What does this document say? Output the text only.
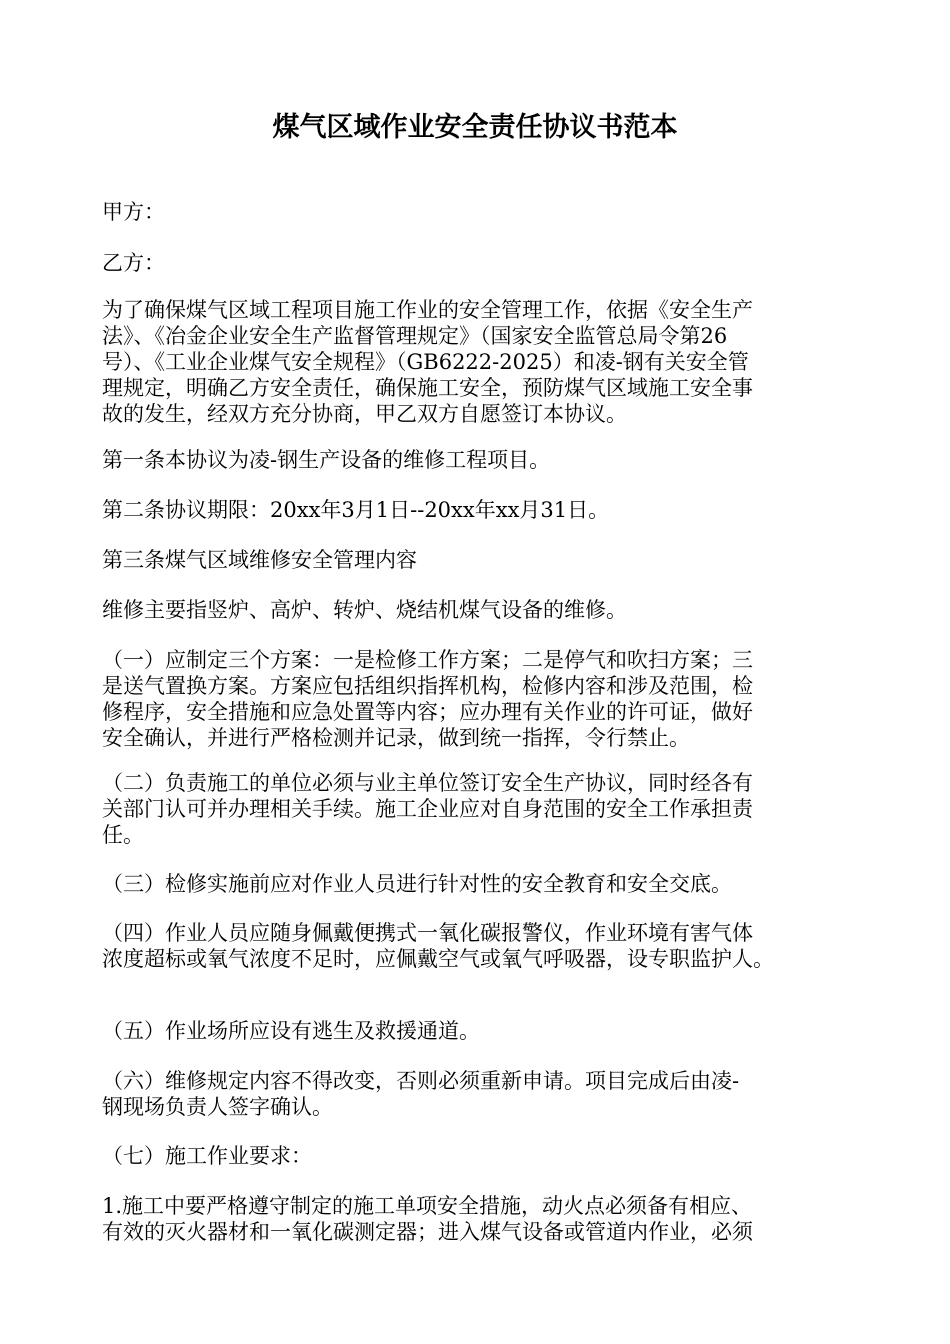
煤气区域作业安全责任协议书范本

甲方：

乙方：

为了确保煤气区域工程项目施工作业的安全管理工作，依据《安全生产
法》、《冶金企业安全生产监督管理规定》（国家安全监管总局令第26
号）、《工业企业煤气安全规程》（GB6222-2025）和凌-钢有关安全管
理规定，明确乙方安全责任，确保施工安全，预防煤气区域施工安全事
故的发生，经双方充分协商，甲乙双方自愿签订本协议。

第一条本协议为凌-钢生产设备的维修工程项目。

第二条协议期限：20xx年3月1日--20xx年xx月31日。

第三条煤气区域维修安全管理内容

维修主要指竖炉、高炉、转炉、烧结机煤气设备的维修。

（一）应制定三个方案：一是检修工作方案；二是停气和吹扫方案；三
是送气置换方案。方案应包括组织指挥机构，检修内容和涉及范围，检
修程序，安全措施和应急处置等内容；应办理有关作业的许可证，做好
安全确认，并进行严格检测并记录，做到统一指挥，令行禁止。

（二）负责施工的单位必须与业主单位签订安全生产协议，同时经各有
关部门认可并办理相关手续。施工企业应对自身范围的安全工作承担责
任。

（三）检修实施前应对作业人员进行针对性的安全教育和安全交底。

（四）作业人员应随身佩戴便携式一氧化碳报警仪，作业环境有害气体
浓度超标或氧气浓度不足时，应佩戴空气或氧气呼吸器，设专职监护人。

（五）作业场所应设有逃生及救援通道。

（六）维修规定内容不得改变，否则必须重新申请。项目完成后由凌-
钢现场负责人签字确认。

（七）施工作业要求：

1.施工中要严格遵守制定的施工单项安全措施，动火点必须备有相应、
有效的灭火器材和一氧化碳测定器；进入煤气设备或管道内作业，必须
